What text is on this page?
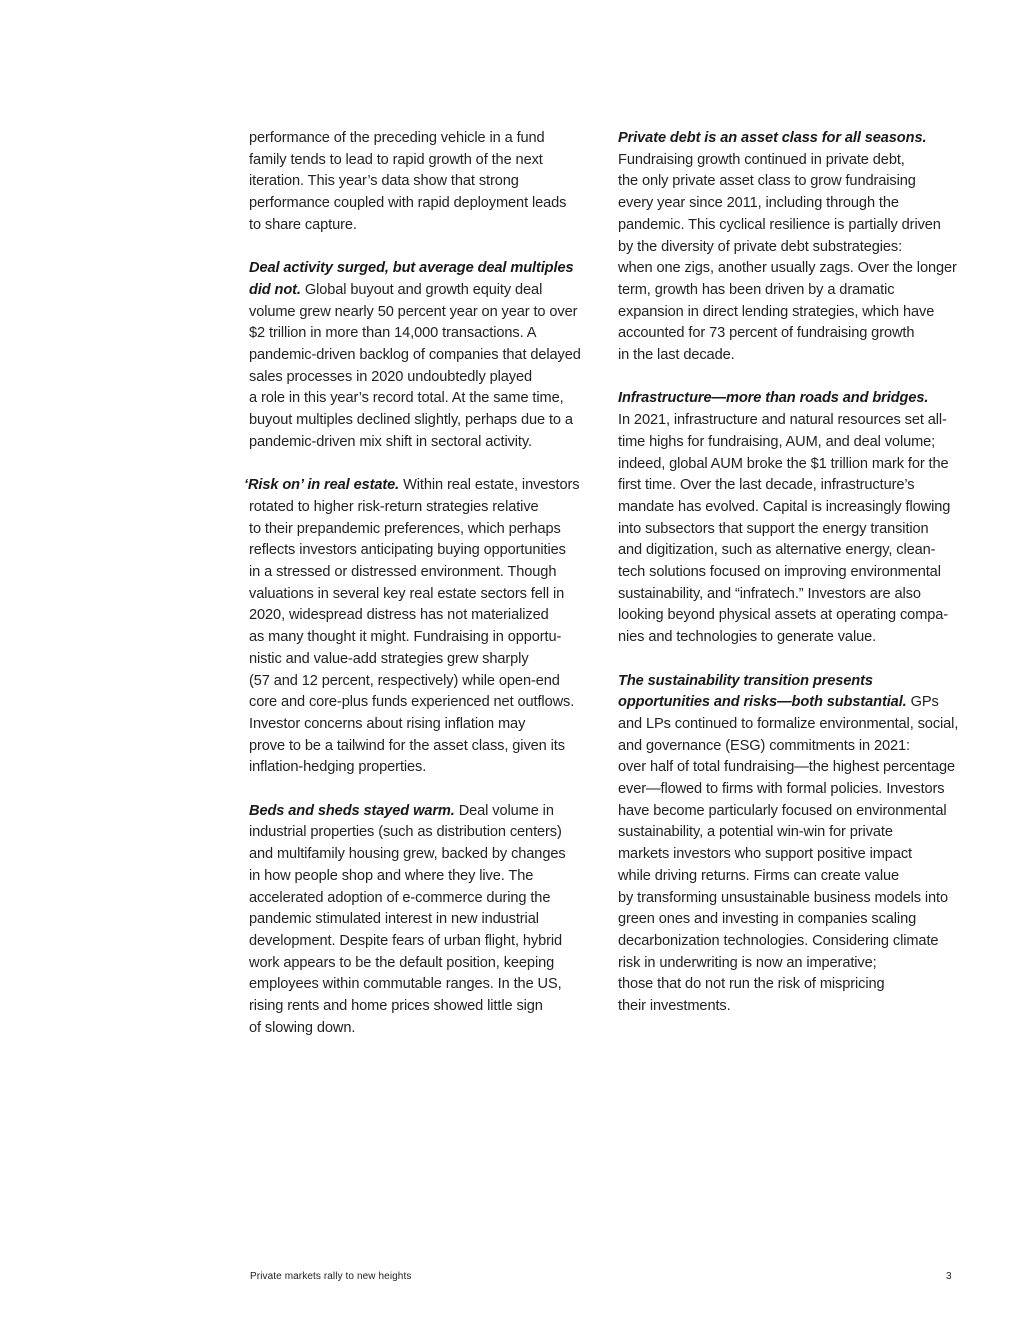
performance of the preceding vehicle in a fund
family tends to lead to rapid growth of the next
iteration. This year’s data show that strong
performance coupled with rapid deployment leads
to share capture.
Deal activity surged, but average deal multiples
did not. Global buyout and growth equity deal
volume grew nearly 50 percent year on year to over
$2 trillion in more than 14,000 transactions. A
pandemic-driven backlog of companies that delayed
sales processes in 2020 undoubtedly played
a role in this year’s record total. At the same time,
buyout multiples declined slightly, perhaps due to a
pandemic-driven mix shift in sectoral activity.
‘Risk on’ in real estate. Within real estate, investors
rotated to higher risk-return strategies relative
to their prepandemic preferences, which perhaps
reflects investors anticipating buying opportunities
in a stressed or distressed environment. Though
valuations in several key real estate sectors fell in
2020, widespread distress has not materialized
as many thought it might. Fundraising in opportu-
nistic and value-add strategies grew sharply
(57 and 12 percent, respectively) while open-end
core and core-plus funds experienced net outflows.
Investor concerns about rising inflation may
prove to be a tailwind for the asset class, given its
inflation-hedging properties.
Beds and sheds stayed warm. Deal volume in
industrial properties (such as distribution centers)
and multifamily housing grew, backed by changes
in how people shop and where they live. The
accelerated adoption of e-commerce during the
pandemic stimulated interest in new industrial
development. Despite fears of urban flight, hybrid
work appears to be the default position, keeping
employees within commutable ranges. In the US,
rising rents and home prices showed little sign
of slowing down.
Private debt is an asset class for all seasons.
Fundraising growth continued in private debt,
the only private asset class to grow fundraising
every year since 2011, including through the
pandemic. This cyclical resilience is partially driven
by the diversity of private debt substrategies:
when one zigs, another usually zags. Over the longer
term, growth has been driven by a dramatic
expansion in direct lending strategies, which have
accounted for 73 percent of fundraising growth
in the last decade.
Infrastructure—more than roads and bridges.
In 2021, infrastructure and natural resources set all-
time highs for fundraising, AUM, and deal volume;
indeed, global AUM broke the $1 trillion mark for the
first time. Over the last decade, infrastructure’s
mandate has evolved. Capital is increasingly flowing
into subsectors that support the energy transition
and digitization, such as alternative energy, clean-
tech solutions focused on improving environmental
sustainability, and “infratech.” Investors are also
looking beyond physical assets at operating compa-
nies and technologies to generate value.
The sustainability transition presents
opportunities and risks—both substantial. GPs
and LPs continued to formalize environmental, social,
and governance (ESG) commitments in 2021:
over half of total fundraising—the highest percentage
ever—flowed to firms with formal policies. Investors
have become particularly focused on environmental
sustainability, a potential win-win for private
markets investors who support positive impact
while driving returns. Firms can create value
by transforming unsustainable business models into
green ones and investing in companies scaling
decarbonization technologies. Considering climate
risk in underwriting is now an imperative;
those that do not run the risk of mispricing
their investments.
Private markets rally to new heights	3
